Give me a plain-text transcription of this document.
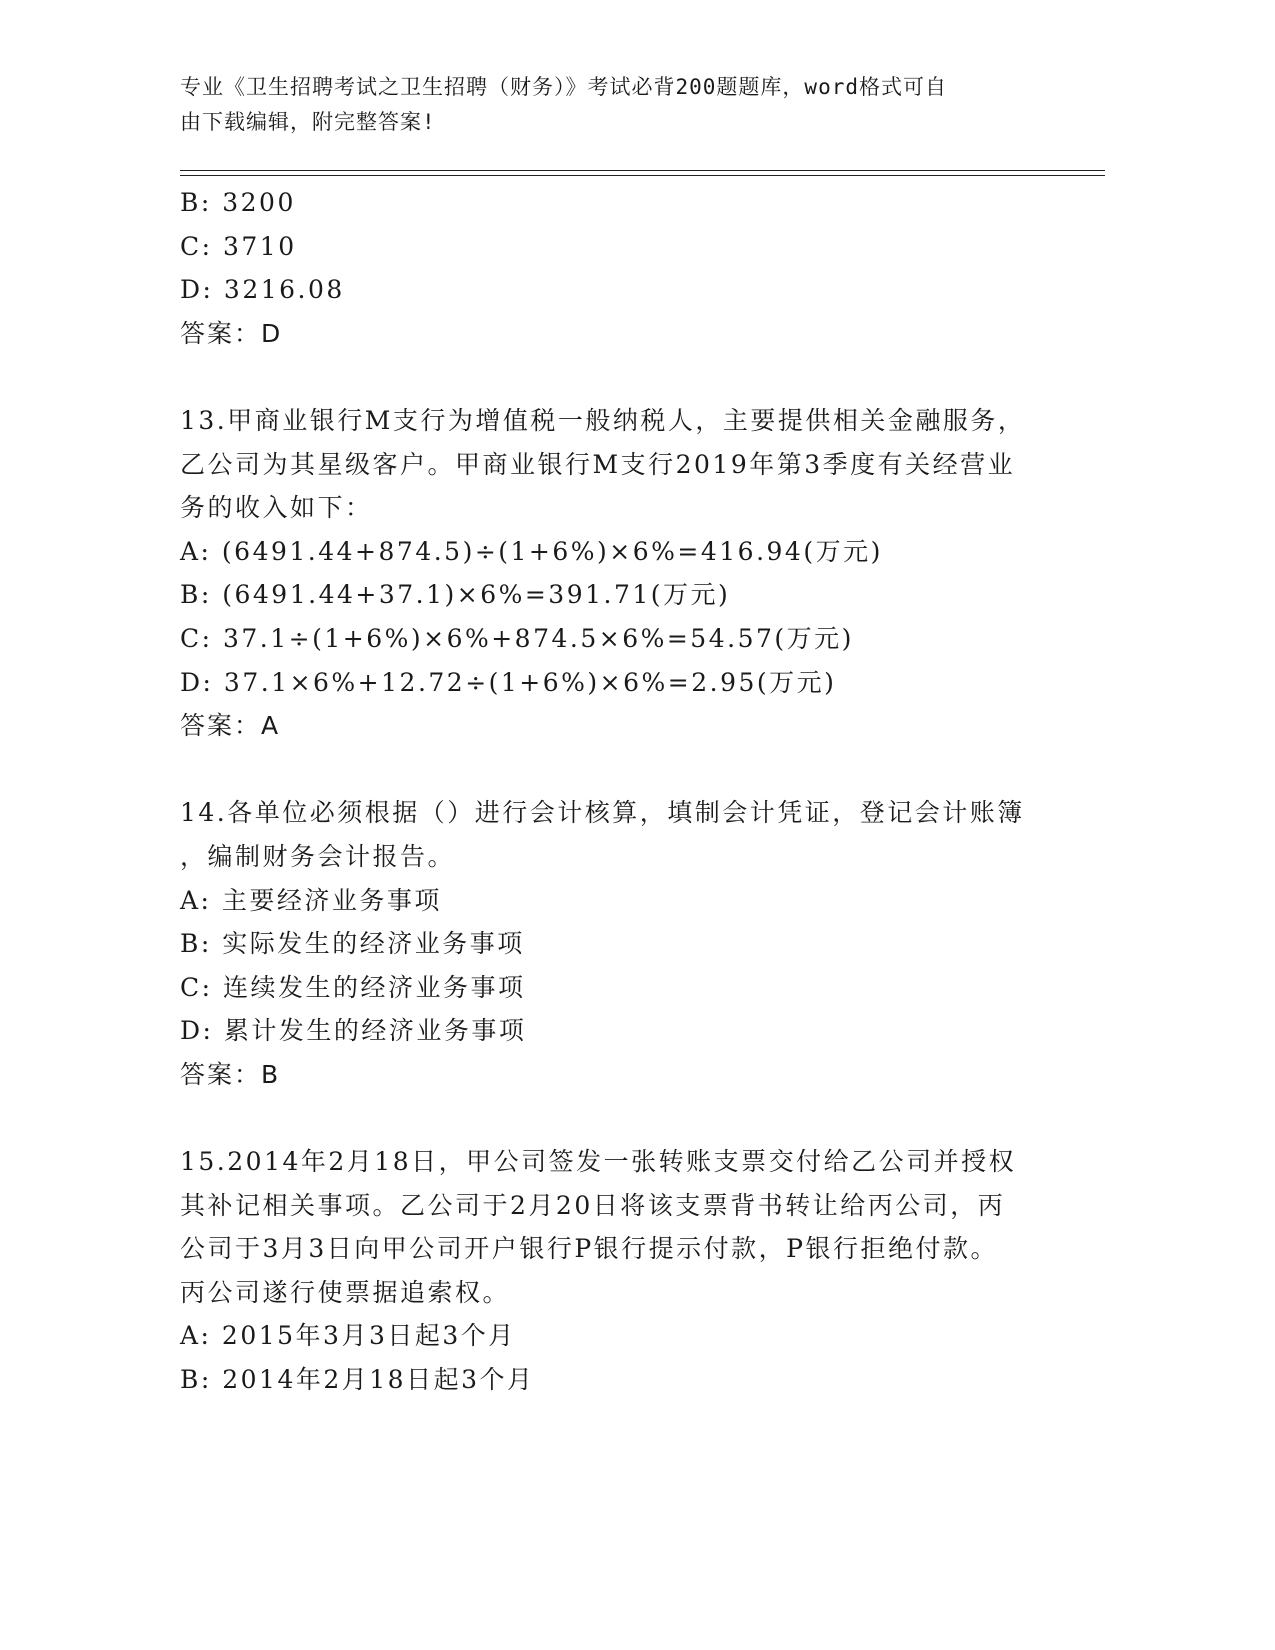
专业《卫生招聘考试之卫生招聘（财务）》考试必背200题题库，word格式可自
由下载编辑，附完整答案!
B: 3200
C: 3710
D: 3216.08
答案：D
13.甲商业银行M支行为增值税一般纳税人，主要提供相关金融服务，
乙公司为其星级客户。甲商业银行M支行2019年第3季度有关经营业
务的收入如下：
A: (6491.44+874.5)÷(1+6%)×6%=416.94(万元)
B: (6491.44+37.1)×6%=391.71(万元)
C: 37.1÷(1+6%)×6%+874.5×6%=54.57(万元)
D: 37.1×6%+12.72÷(1+6%)×6%=2.95(万元)
答案：A
14.各单位必须根据（）进行会计核算，填制会计凭证，登记会计账簿
，编制财务会计报告。
A: 主要经济业务事项
B: 实际发生的经济业务事项
C: 连续发生的经济业务事项
D: 累计发生的经济业务事项
答案：B
15.2014年2月18日，甲公司签发一张转账支票交付给乙公司并授权
其补记相关事项。乙公司于2月20日将该支票背书转让给丙公司，丙
公司于3月3日向甲公司开户银行P银行提示付款，P银行拒绝付款。
丙公司遂行使票据追索权。
A: 2015年3月3日起3个月
B: 2014年2月18日起3个月
